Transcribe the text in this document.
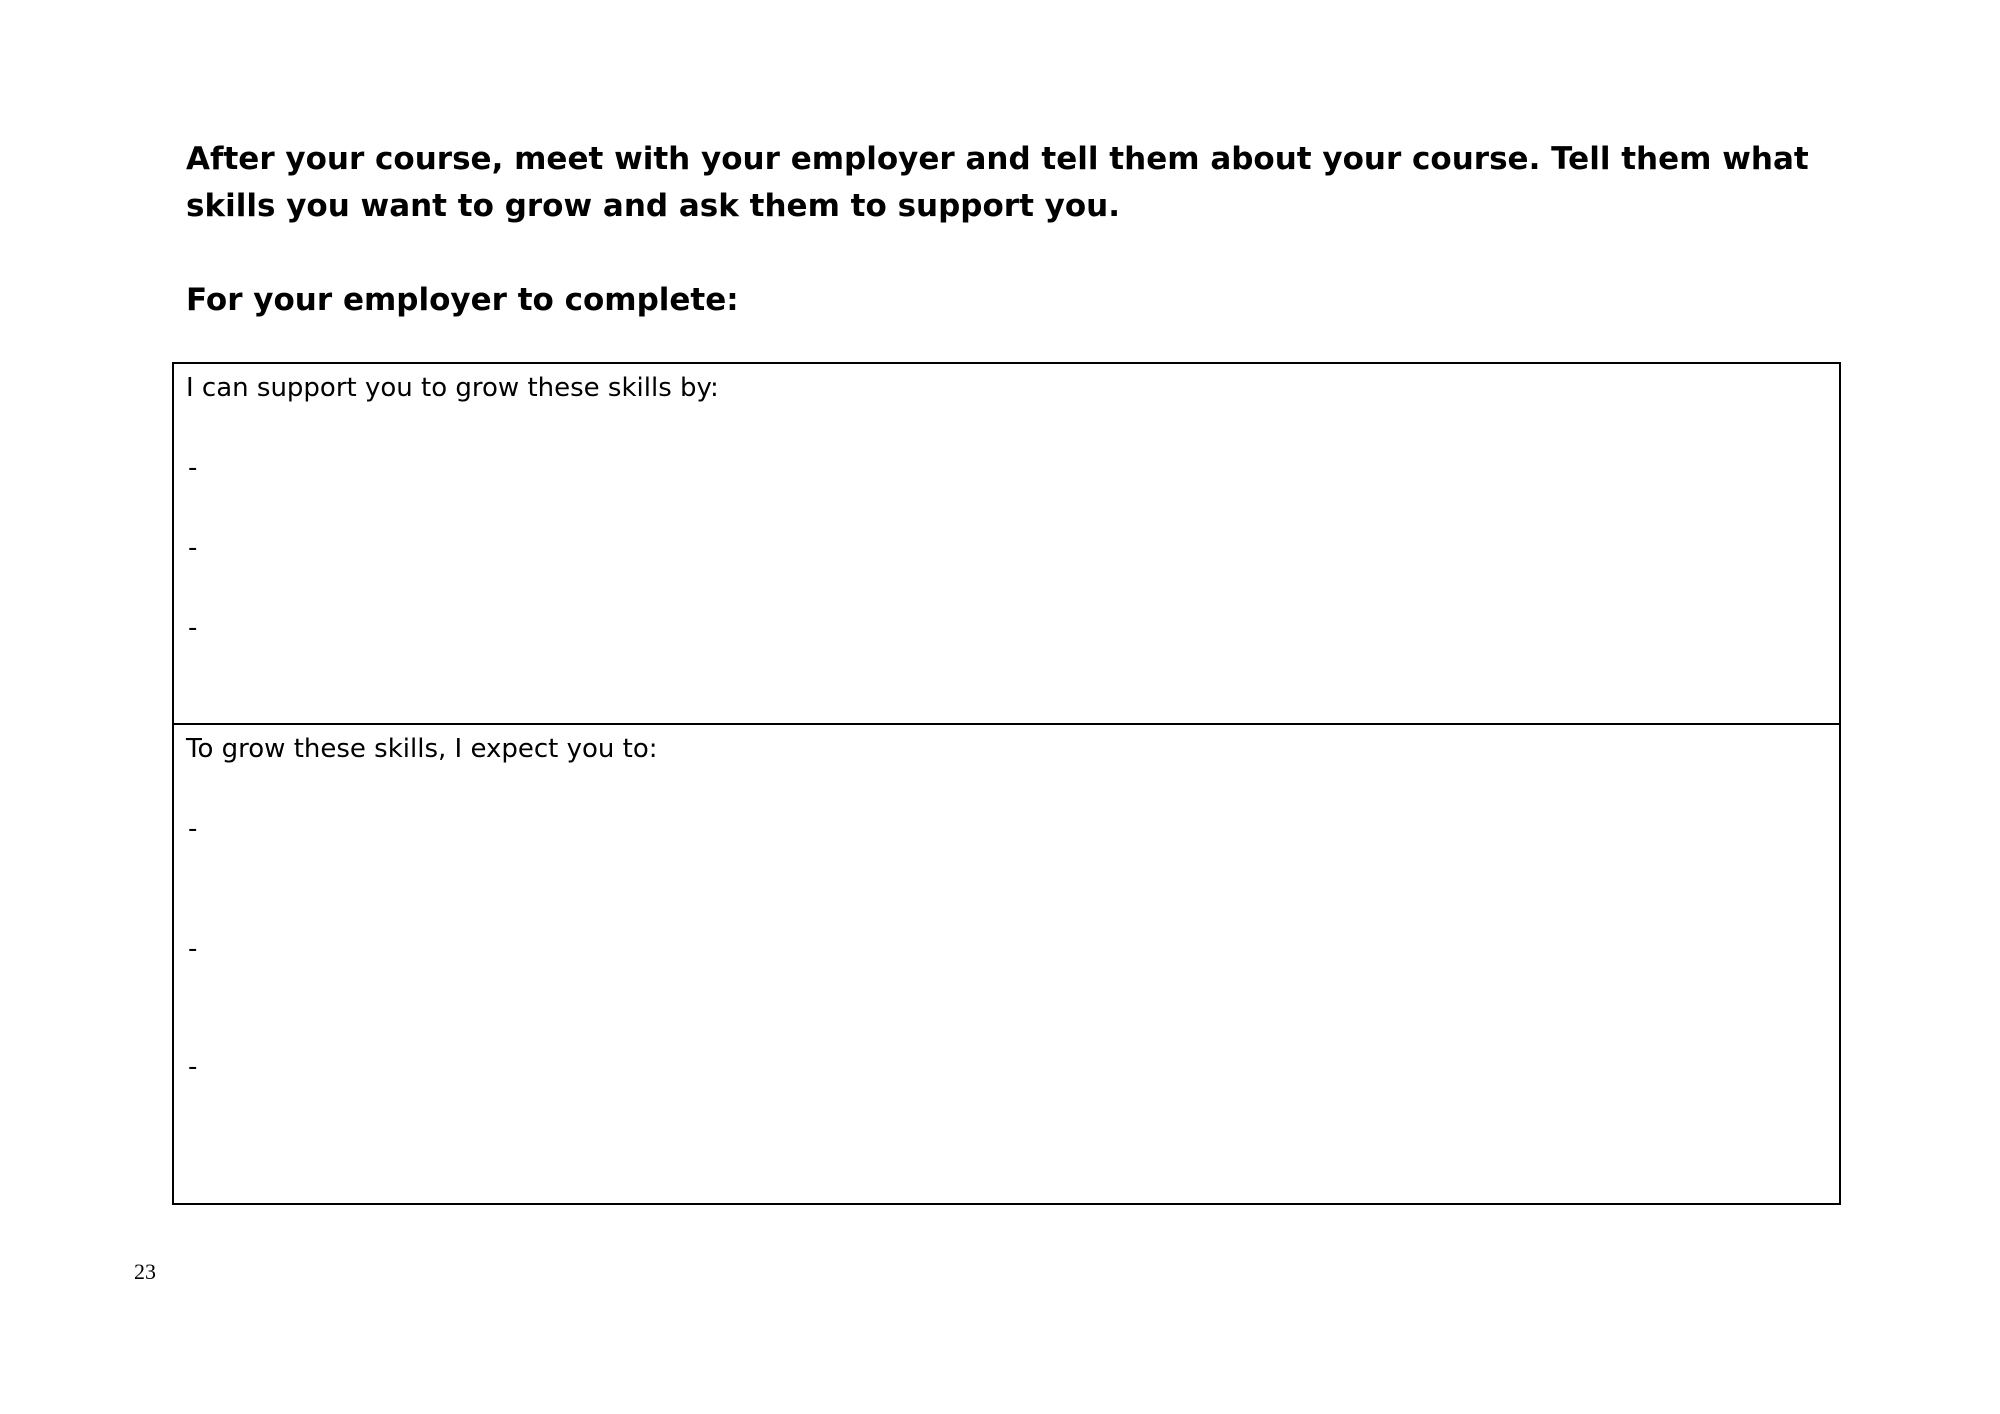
After your course, meet with your employer and tell them about your course. Tell them what skills you want to grow and ask them to support you.

For your employer to complete:

I can support you to grow these skills by:
-
-
-
To grow these skills, I expect you to:
-
-
-
23
